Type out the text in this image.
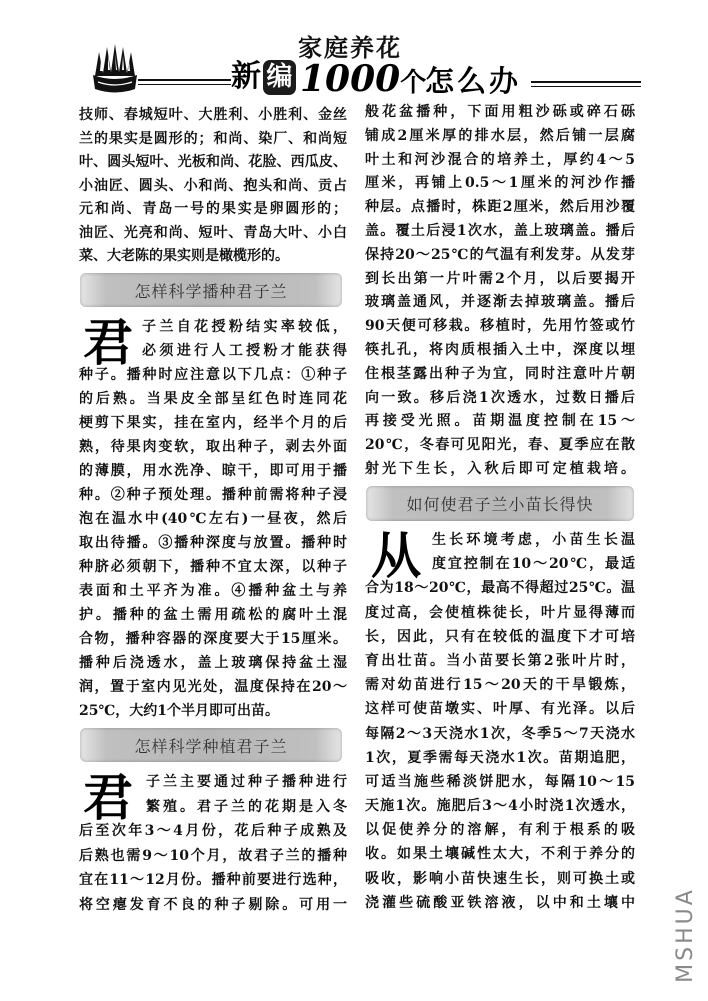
新 编
家庭养花
1000个
怎么办
技师、春城短叶、大胜利、小胜利、金丝
兰的果实是圆形的；和尚、染厂、和尚短
叶、圆头短叶、光板和尚、花脸、西瓜皮、
小油匠、圆头、小和尚、抱头和尚、贡占
元和尚、青岛一号的果实是卵圆形的；
油匠、光亮和尚、短叶、青岛大叶、小白
菜、大老陈的果实则是橄榄形的。
怎样科学播种君子兰
君 子兰自花授粉结实率较低，
必须进行人工授粉才能获得
种子。播种时应注意以下几点：①种子
的后熟。当果皮全部呈红色时连同花
梗剪下果实，挂在室内，经半个月的后
熟，待果肉变软，取出种子，剥去外面
的薄膜，用水洗净、晾干，即可用于播
种。②种子预处理。播种前需将种子浸
泡在温水中(40℃左右)一昼夜，然后
取出待播。③播种深度与放置。播种时
种脐必须朝下，播种不宜太深，以种子
表面和土平齐为准。④播种盆土与养
护。播种的盆土需用疏松的腐叶土混
合物，播种容器的深度要大于15厘米。
播种后浇透水，盖上玻璃保持盆土湿
润，置于室内见光处，温度保持在20～
25℃，大约1个半月即可出苗。
怎样科学种植君子兰
君 子兰主要通过种子播种进行
繁殖。君子兰的花期是入冬
后至次年3～4月份，花后种子成熟及
后熟也需9～10个月，故君子兰的播种
宜在11～12月份。播种前要进行选种，
将空瘪发育不良的种子剔除。可用一
般花盆播种，下面用粗沙砾或碎石砾
铺成2厘米厚的排水层，然后铺一层腐
叶土和河沙混合的培养土，厚约4～5
厘米，再铺上0.5～1厘米的河沙作播
种层。点播时，株距2厘米，然后用沙覆
盖。覆土后浸1次水，盖上玻璃盖。播后
保持20～25℃的气温有利发芽。从发芽
到长出第一片叶需2个月，以后要揭开
玻璃盖通风，并逐渐去掉玻璃盖。播后
90天便可移栽。移植时，先用竹签或竹
筷扎孔，将肉质根插入土中，深度以埋
住根茎露出种子为宜，同时注意叶片朝
向一致。移后浇1次透水，过数日播后
再接受光照。苗期温度控制在15～
20℃，冬春可见阳光，春、夏季应在散
射光下生长，入秋后即可定植栽培。
如何使君子兰小苗长得快
从 生长环境考虑，小苗生长温
度宜控制在10～20℃，最适
合为18～20℃，最高不得超过25℃。温
度过高，会使植株徒长，叶片显得薄而
长，因此，只有在较低的温度下才可培
育出壮苗。当小苗要长第2张叶片时，
需对幼苗进行15～20天的干旱锻炼，
这样可使苗墩实、叶厚、有光泽。以后
每隔2～3天浇水1次，冬季5～7天浇水
1次，夏季需每天浇水1次。苗期追肥，
可适当施些稀淡饼肥水，每隔10～15
天施1次。施肥后3～4小时浇1次透水，
以促使养分的溶解，有利于根系的吸
收。如果土壤碱性太大，不利于养分的
吸收，影响小苗快速生长，则可换土或
浇灌些硫酸亚铁溶液，以中和土壤中 MSHUA
